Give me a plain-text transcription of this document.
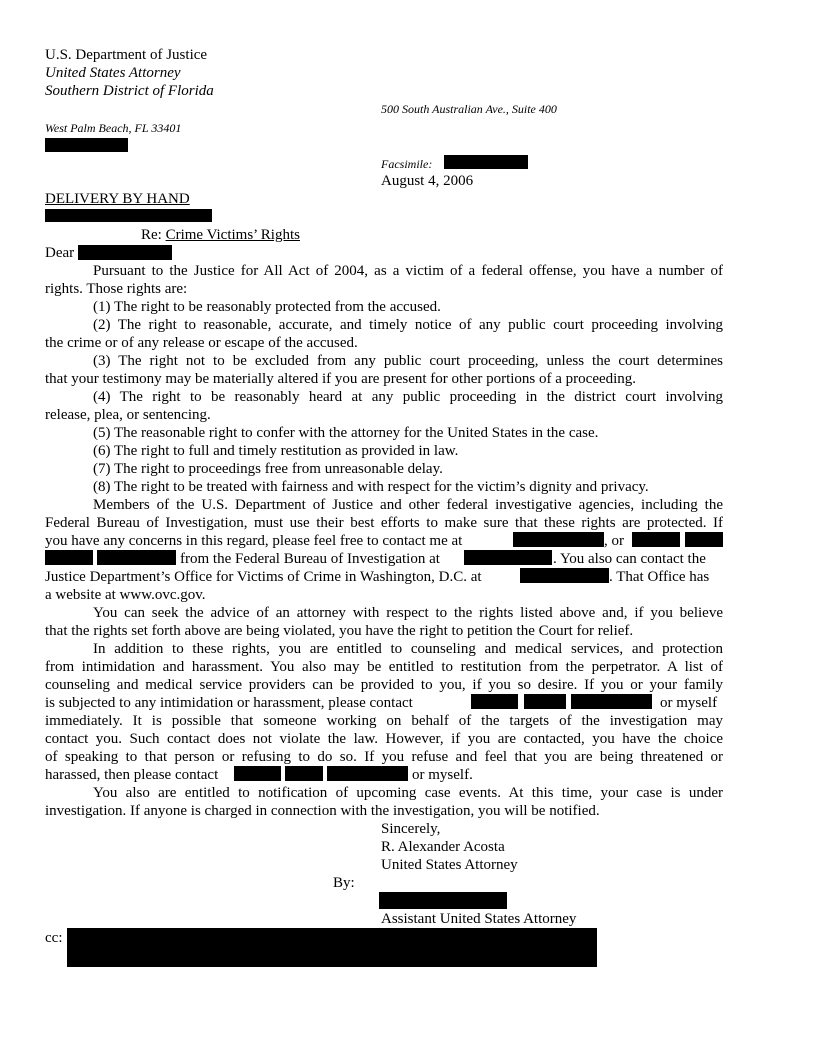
U.S. Department of Justice
United States Attorney
Southern District of Florida
500 South Australian Ave., Suite 400
West Palm Beach, FL 33401
Facsimile:
August 4, 2006
DELIVERY BY HAND
Re: Crime Victims’ Rights
Dear
Pursuant to the Justice for All Act of 2004, as a victim of a federal offense, you have a number of
rights. Those rights are:
(1) The right to be reasonably protected from the accused.
(2) The right to reasonable, accurate, and timely notice of any public court proceeding involving
the crime or of any release or escape of the accused.
(3) The right not to be excluded from any public court proceeding, unless the court determines
that your testimony may be materially altered if you are present for other portions of a proceeding.
(4) The right to be reasonably heard at any public proceeding in the district court involving
release, plea, or sentencing.
(5) The reasonable right to confer with the attorney for the United States in the case.
(6) The right to full and timely restitution as provided in law.
(7) The right to proceedings free from unreasonable delay.
(8) The right to be treated with fairness and with respect for the victim’s dignity and privacy.
Members of the U.S. Department of Justice and other federal investigative agencies, including the
Federal Bureau of Investigation, must use their best efforts to make sure that these rights are protected. If
you have any concerns in this regard, please feel free to contact me at	, or
from the Federal Bureau of Investigation at	. You also can contact the
Justice Department’s Office for Victims of Crime in Washington, D.C. at	. That Office has
a website at www.ovc.gov.
You can seek the advice of an attorney with respect to the rights listed above and, if you believe
that the rights set forth above are being violated, you have the right to petition the Court for relief.
In addition to these rights, you are entitled to counseling and medical services, and protection
from intimidation and harassment. You also may be entitled to restitution from the perpetrator. A list of
counseling and medical service providers can be provided to you, if you so desire. If you or your family
is subjected to any intimidation or harassment, please contact	or myself
immediately. It is possible that someone working on behalf of the targets of the investigation may
contact you. Such contact does not violate the law. However, if you are contacted, you have the choice
of speaking to that person or refusing to do so. If you refuse and feel that you are being threatened or
harassed, then please contact	or myself.
You also are entitled to notification of upcoming case events. At this time, your case is under
investigation. If anyone is charged in connection with the investigation, you will be notified.
Sincerely,
R. Alexander Acosta
United States Attorney
By:
Assistant United States Attorney
cc:
